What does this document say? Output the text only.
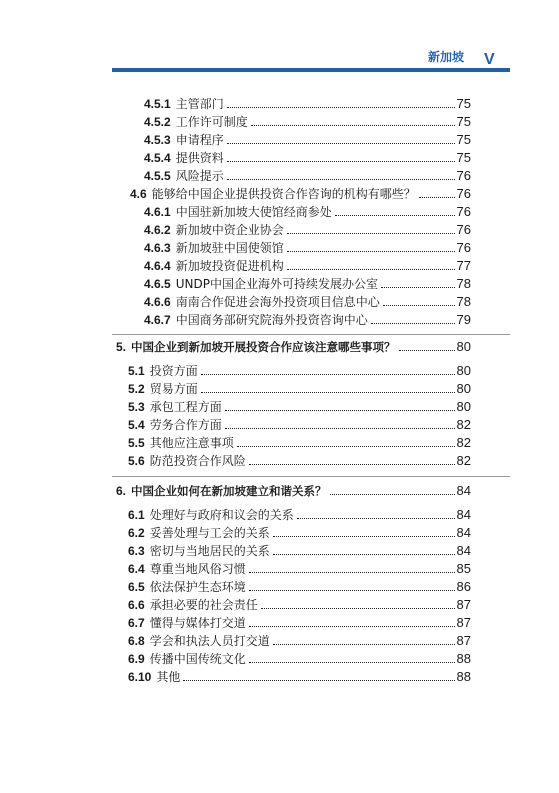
新加坡 V
4.5.1 主管部门	75
4.5.2 工作许可制度	75
4.5.3 申请程序	75
4.5.4 提供资料	75
4.5.5 风险提示	76
4.6 能够给中国企业提供投资合作咨询的机构有哪些？	76
4.6.1 中国驻新加坡大使馆经商参处	76
4.6.2 新加坡中资企业协会	76
4.6.3 新加坡驻中国使领馆	76
4.6.4 新加坡投资促进机构	77
4.6.5 UNDP中国企业海外可持续发展办公室	78
4.6.6 南南合作促进会海外投资项目信息中心	78
4.6.7 中国商务部研究院海外投资咨询中心	79
5. 中国企业到新加坡开展投资合作应该注意哪些事项？	80
5.1 投资方面	80
5.2 贸易方面	80
5.3 承包工程方面	80
5.4 劳务合作方面	82
5.5 其他应注意事项	82
5.6 防范投资合作风险	82
6. 中国企业如何在新加坡建立和谐关系？	84
6.1 处理好与政府和议会的关系	84
6.2 妥善处理与工会的关系	84
6.3 密切与当地居民的关系	84
6.4 尊重当地风俗习惯	85
6.5 依法保护生态环境	86
6.6 承担必要的社会责任	87
6.7 懂得与媒体打交道	87
6.8 学会和执法人员打交道	87
6.9 传播中国传统文化	88
6.10 其他	88
